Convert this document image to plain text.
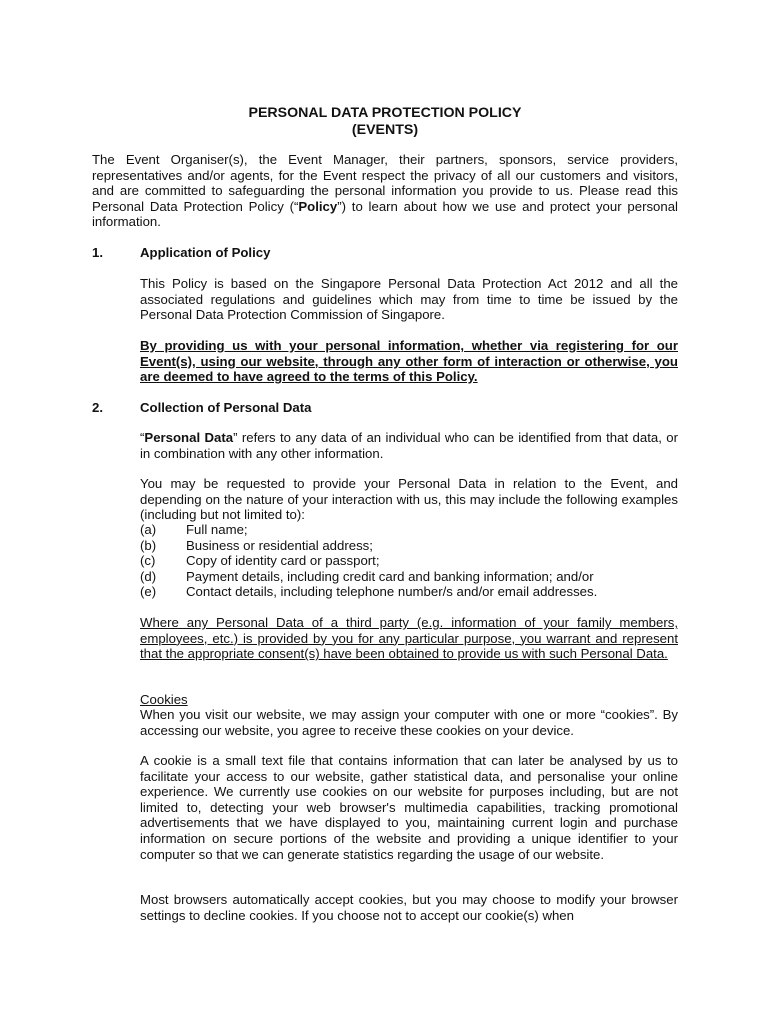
PERSONAL DATA PROTECTION POLICY
(EVENTS)
The Event Organiser(s), the Event Manager, their partners, sponsors, service providers, representatives and/or agents, for the Event respect the privacy of all our customers and visitors, and are committed to safeguarding the personal information you provide to us. Please read this Personal Data Protection Policy (“Policy”) to learn about how we use and protect your personal information.
1.	Application of Policy
This Policy is based on the Singapore Personal Data Protection Act 2012 and all the associated regulations and guidelines which may from time to time be issued by the Personal Data Protection Commission of Singapore.
By providing us with your personal information, whether via registering for our Event(s), using our website, through any other form of interaction or otherwise, you are deemed to have agreed to the terms of this Policy.
2.	Collection of Personal Data
“Personal Data” refers to any data of an individual who can be identified from that data, or in combination with any other information.
You may be requested to provide your Personal Data in relation to the Event, and depending on the nature of your interaction with us, this may include the following examples (including but not limited to):
(a) Full name;
(b) Business or residential address;
(c) Copy of identity card or passport;
(d) Payment details, including credit card and banking information; and/or
(e) Contact details, including telephone number/s and/or email addresses.
Where any Personal Data of a third party (e.g. information of your family members, employees, etc.) is provided by you for any particular purpose, you warrant and represent that the appropriate consent(s) have been obtained to provide us with such Personal Data.
Cookies
When you visit our website, we may assign your computer with one or more “cookies”. By accessing our website, you agree to receive these cookies on your device.
A cookie is a small text file that contains information that can later be analysed by us to facilitate your access to our website, gather statistical data, and personalise your online experience. We currently use cookies on our website for purposes including, but are not limited to, detecting your web browser's multimedia capabilities, tracking promotional advertisements that we have displayed to you, maintaining current login and purchase information on secure portions of the website and providing a unique identifier to your computer so that we can generate statistics regarding the usage of our website.
Most browsers automatically accept cookies, but you may choose to modify your browser settings to decline cookies. If you choose not to accept our cookie(s) when
